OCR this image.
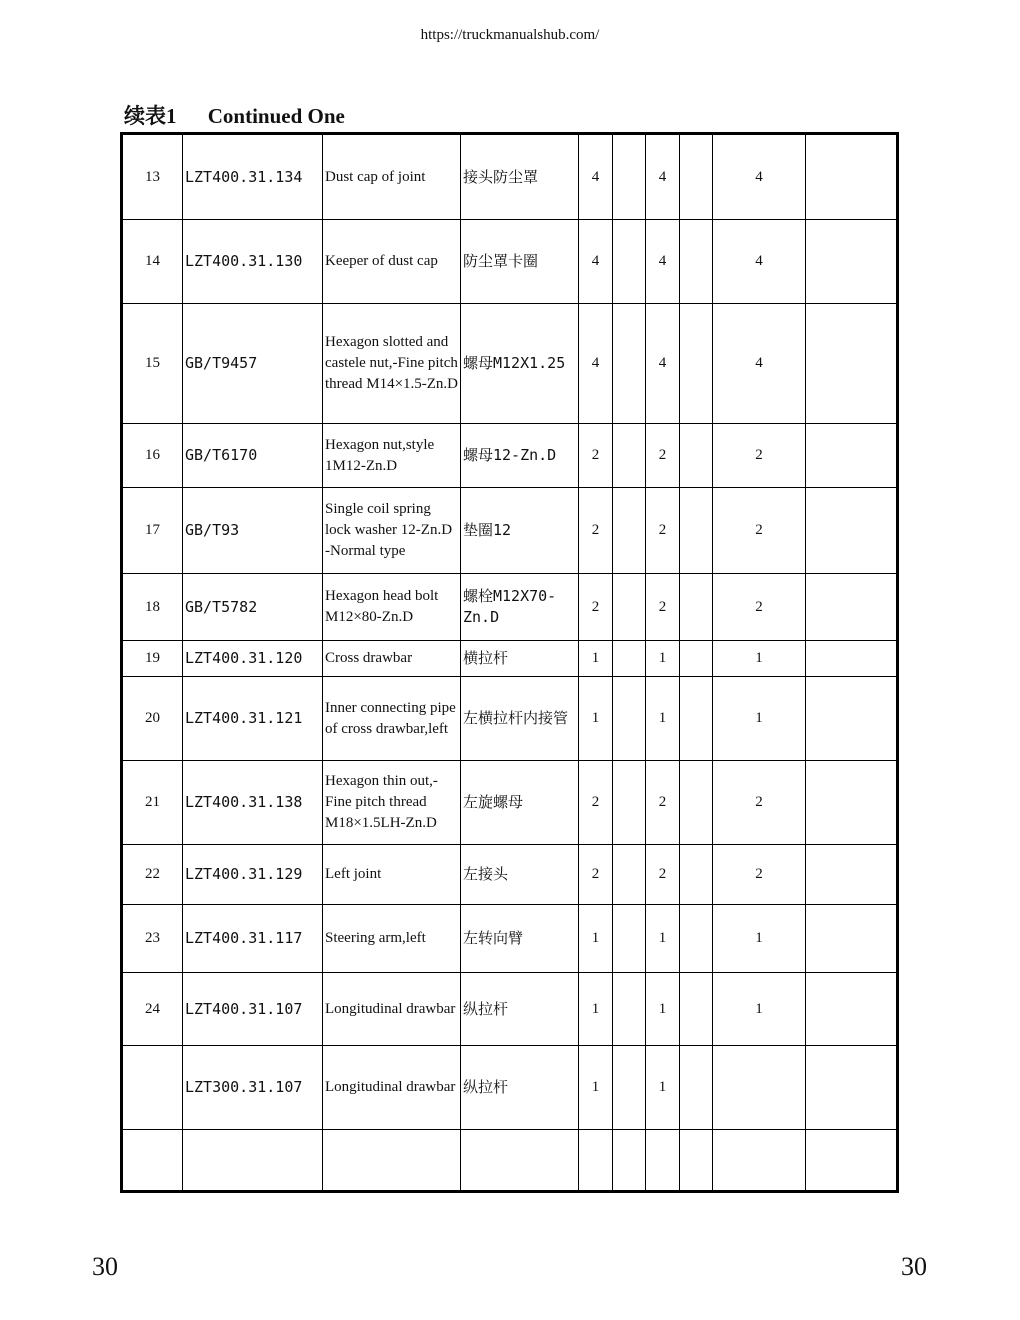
https://truckmanualshub.com/
续表1 Continued One
13	LZT400.31.134	Dust cap of joint	接头防尘罩	4		4		4	
14	LZT400.31.130	Keeper of dust cap	防尘罩卡圈	4		4		4	
15	GB/T9457	Hexagon slotted and castele nut,-Fine pitch thread M14×1.5-Zn.D	螺母M12X1.25	4		4		4	
16	GB/T6170	Hexagon nut,style 1M12-Zn.D	螺母12-Zn.D	2		2		2	
17	GB/T93	Single coil spring lock washer 12-Zn.D -Normal type	垫圈12	2		2		2	
18	GB/T5782	Hexagon head bolt M12×80-Zn.D	螺栓M12X70-Zn.D	2		2		2	
19	LZT400.31.120	Cross drawbar	横拉杆	1		1		1	
20	LZT400.31.121	Inner connecting pipe of cross drawbar,left	左横拉杆内接管	1		1		1	
21	LZT400.31.138	Hexagon thin out,-Fine pitch thread M18×1.5LH-Zn.D	左旋螺母	2		2		2	
22	LZT400.31.129	Left joint	左接头	2		2		2	
23	LZT400.31.117	Steering arm,left	左转向臂	1		1		1	
24	LZT400.31.107	Longitudinal drawbar	纵拉杆	1		1		1	
	LZT300.31.107	Longitudinal drawbar	纵拉杆	1		1			

30	30
